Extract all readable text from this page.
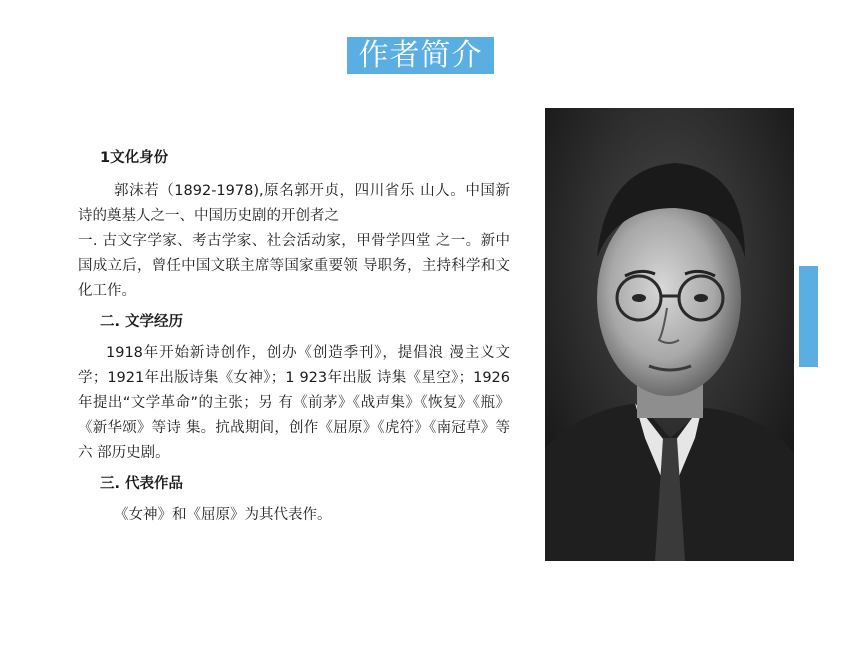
作者简介

1文化身份

郭沫若（1892-1978),原名郭开贞，四川省乐 山人。中国新诗的奠基人之一、中国历史剧的开创者之

一. 古文字学家、考古学家、社会活动家，甲骨学四堂 之一。新中国成立后，曾任中国文联主席等国家重要领 导职务，主持科学和文化工作。

二. 文学经历

1918年开始新诗创作，创办《创造季刊》，提倡浪 漫主义文学；1921年出版诗集《女神》；1 923年出版 诗集《星空》；1926年提出“文学革命”的主张；另 有《前茅》《战声集》《恢复》《瓶》《新华颂》等诗 集。抗战期间，创作《屈原》《虎符》《南冠草》等六 部历史剧。

三. 代表作品

《女神》和《屈原》为其代表作。
